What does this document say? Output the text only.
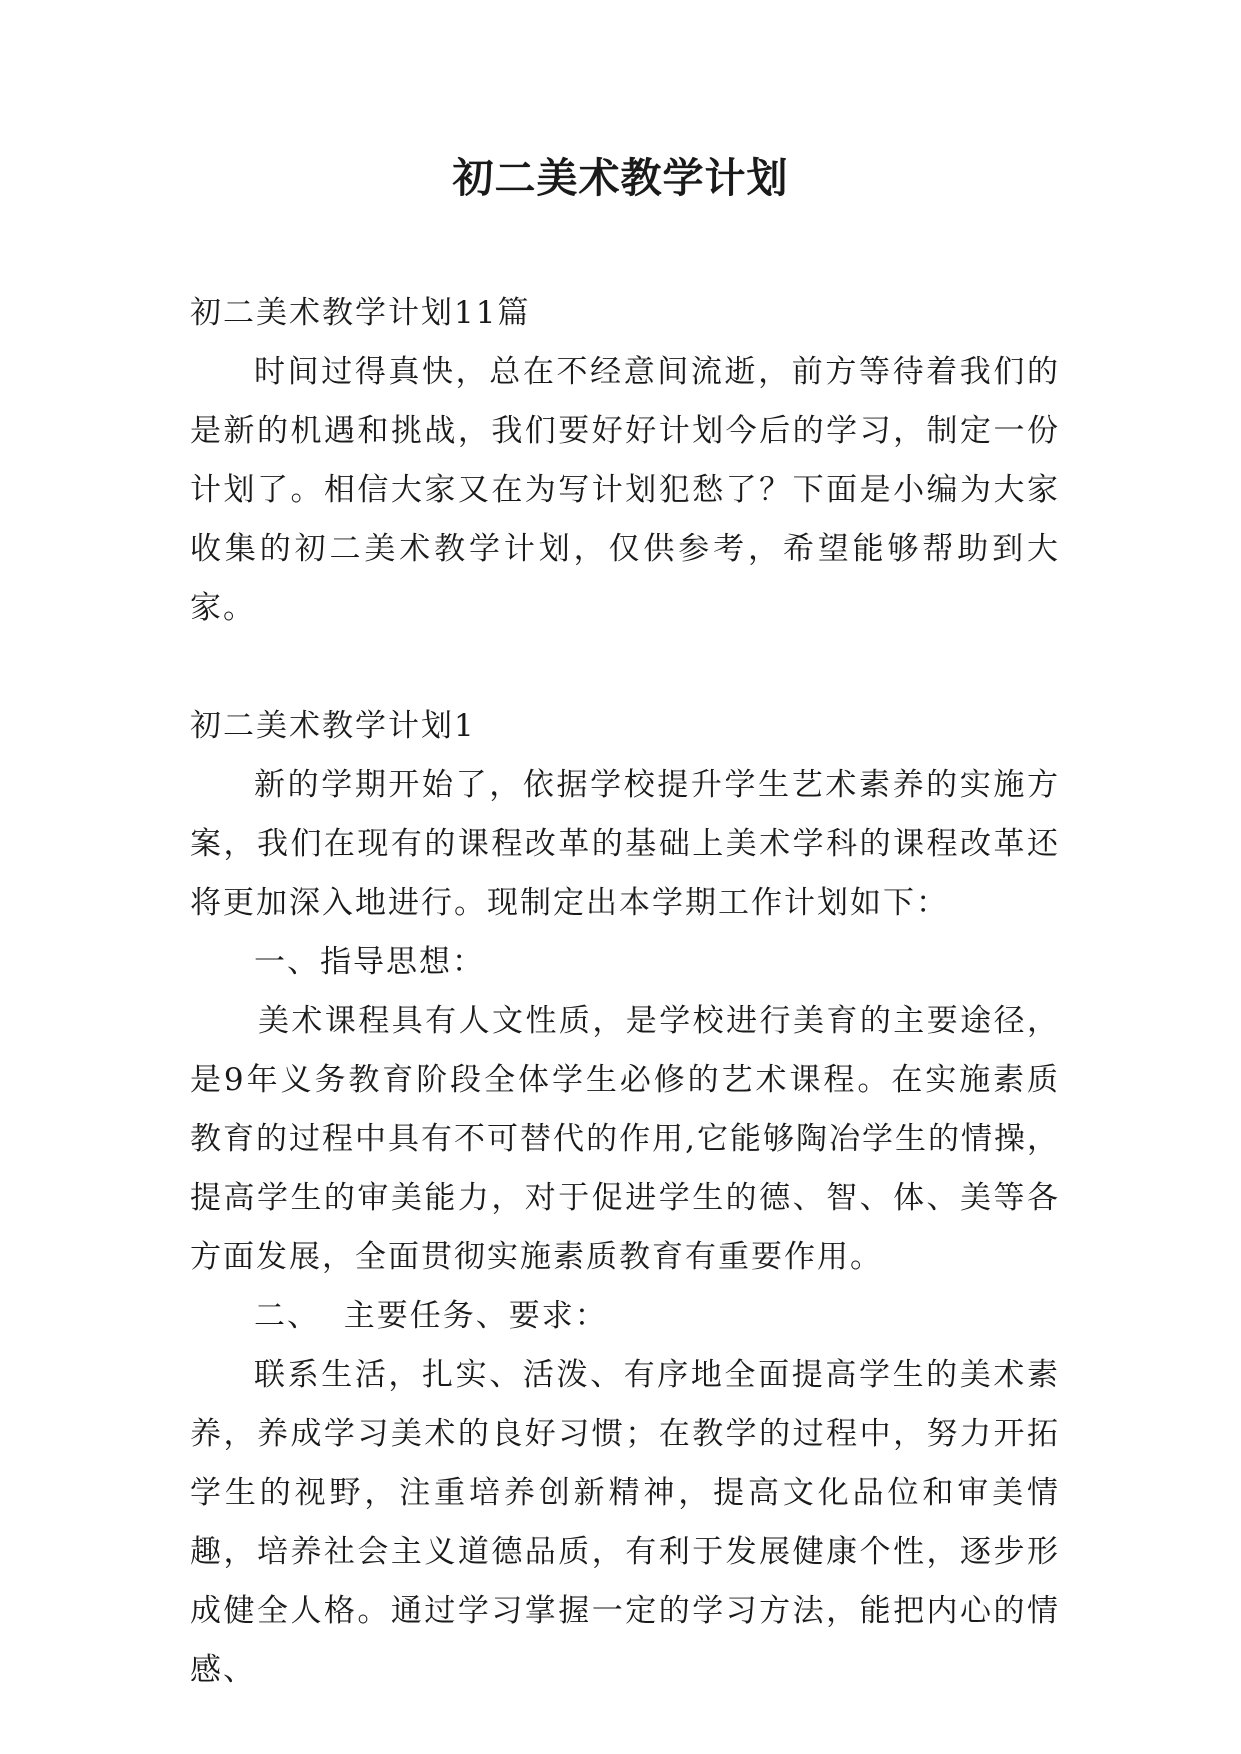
初二美术教学计划

初二美术教学计划11篇

时间过得真快，总在不经意间流逝，前方等待着我们的是新的机遇和挑战，我们要好好计划今后的学习，制定一份计划了。相信大家又在为写计划犯愁了？下面是小编为大家收集的初二美术教学计划，仅供参考，希望能够帮助到大家。

初二美术教学计划1

新的学期开始了，依据学校提升学生艺术素养的实施方案，我们在现有的课程改革的基础上美术学科的课程改革还将更加深入地进行。现制定出本学期工作计划如下：

一、指导思想：

美术课程具有人文性质，是学校进行美育的主要途径，是9年义务教育阶段全体学生必修的艺术课程。在实施素质教育的过程中具有不可替代的作用,它能够陶冶学生的情操，提高学生的审美能力，对于促进学生的德、智、体、美等各方面发展，全面贯彻实施素质教育有重要作用。

二、  主要任务、要求：

联系生活，扎实、活泼、有序地全面提高学生的美术素养，养成学习美术的良好习惯；在教学的过程中，努力开拓学生的视野，注重培养创新精神，提高文化品位和审美情趣，培养社会主义道德品质，有利于发展健康个性，逐步形成健全人格。通过学习掌握一定的学习方法，能把内心的情感、
